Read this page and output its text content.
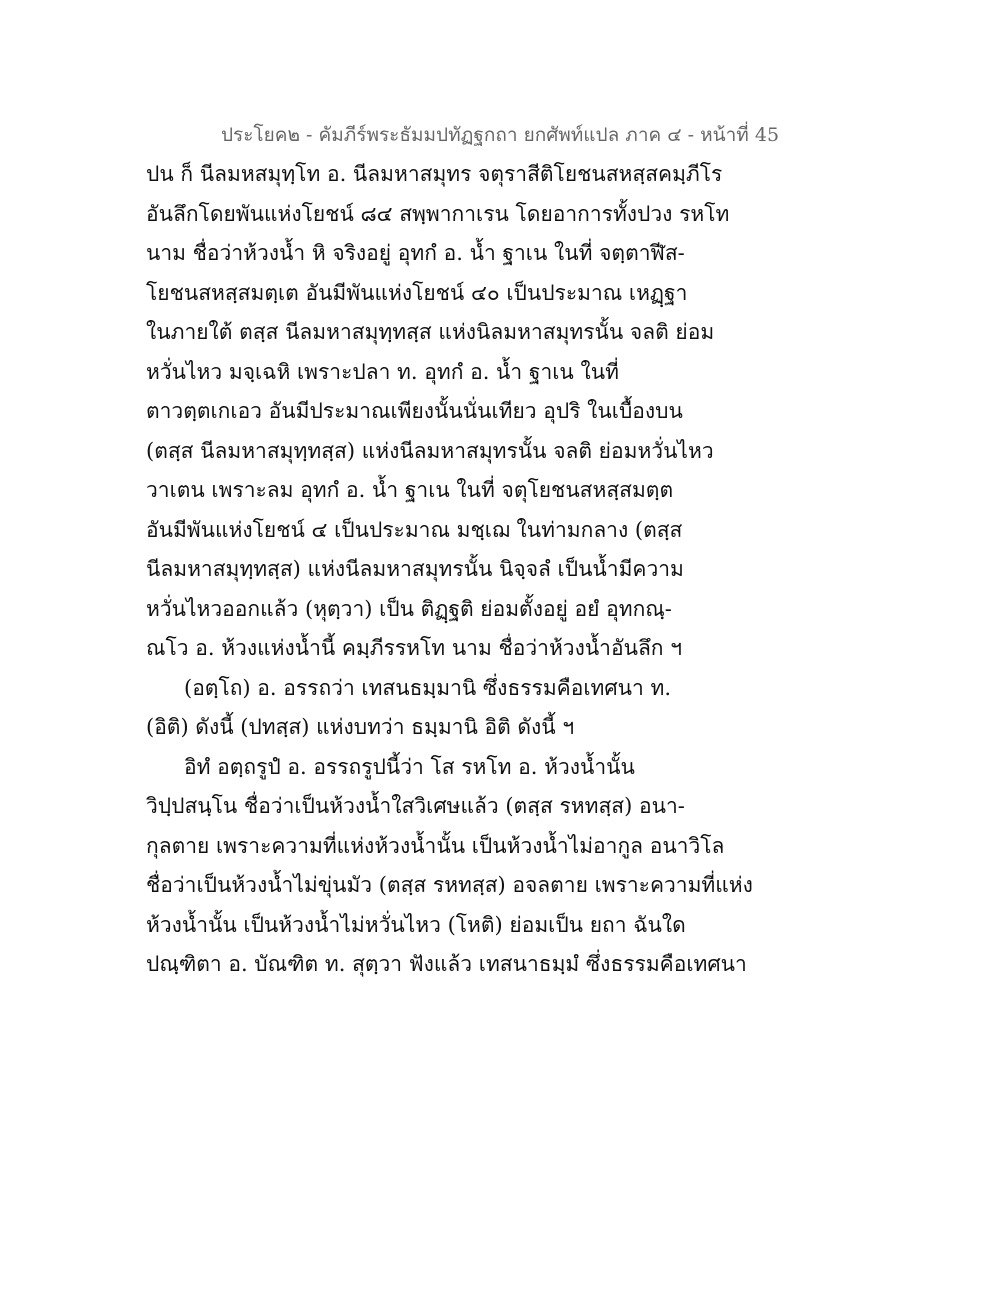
ประโยค๒ - คัมภีร์พระธัมมปทัฏฐกถา ยกศัพท์แปล ภาค ๔ - หน้าที่ 45
ปน ก็ นีลมหสมุทฺโท อ. นีลมหาสมุทร จตุราสีติโยชนสหสฺสคมฺภีโร
อันลึกโดยพันแห่งโยชน์ ๘๔ สพฺพากาเรน โดยอาการทั้งปวง รหโท
นาม ชื่อว่าห้วงน้ำ หิ จริงอยู่ อุทกํ อ. น้ำ ฐาเน ในที่ จตฺตาฬีส-
โยชนสหสฺสมตฺเต อันมีพันแห่งโยชน์ ๔๐ เป็นประมาณ เหฏฺฐา
ในภายใต้ ตสฺส นีลมหาสมุทฺทสฺส แห่งนิลมหาสมุทรนั้น จลติ ย่อม
หวั่นไหว มจฺเฉหิ เพราะปลา ท. อุทกํ อ. น้ำ ฐาเน ในที่
ตาวตฺตเกเอว อันมีประมาณเพียงนั้นนั่นเทียว อุปริ ในเบื้องบน
(ตสฺส นีลมหาสมุทฺทสฺส) แห่งนีลมหาสมุทรนั้น จลติ ย่อมหวั่นไหว
วาเตน เพราะลม อุทกํ อ. น้ำ ฐาเน ในที่ จตุโยชนสหสฺสมตฺต
อันมีพันแห่งโยชน์ ๔ เป็นประมาณ มชฺเฌ ในท่ามกลาง (ตสฺส
นีลมหาสมุทฺทสฺส) แห่งนีลมหาสมุทรนั้น นิจฺจลํ เป็นน้ำมีความ
หวั่นไหวออกแล้ว (หุตฺวา) เป็น ติฏฺฐติ ย่อมตั้งอยู่ อยํ อุทกณฺ-
ณโว อ. ห้วงแห่งน้ำนี้ คมฺภีรรหโท นาม ชื่อว่าห้วงน้ำอันลึก ฯ
(อตฺโถ) อ. อรรถว่า เทสนธมฺมานิ ซึ่งธรรมคือเทศนา ท.
(อิติ) ดังนี้ (ปทสฺส) แห่งบทว่า ธมฺมานิ อิติ ดังนี้ ฯ
อิทํ อตฺถรูปํ อ. อรรถรูปนี้ว่า โส รหโท อ. ห้วงน้ำนั้น
วิปฺปสนฺโน ชื่อว่าเป็นห้วงน้ำใสวิเศษแล้ว (ตสฺส รหทสฺส) อนา-
กุลตาย เพราะความที่แห่งห้วงน้ำนั้น เป็นห้วงน้ำไม่อากูล อนาวิโล
ชื่อว่าเป็นห้วงน้ำไม่ขุ่นมัว (ตสฺส รหทสฺส) อจลตาย เพราะความที่แห่ง
ห้วงน้ำนั้น เป็นห้วงน้ำไม่หวั่นไหว (โหติ) ย่อมเป็น ยถา ฉันใด
ปณฺฑิตา อ. บัณฑิต ท. สุตฺวา ฟังแล้ว เทสนาธมฺมํ ซึ่งธรรมคือเทศนา
